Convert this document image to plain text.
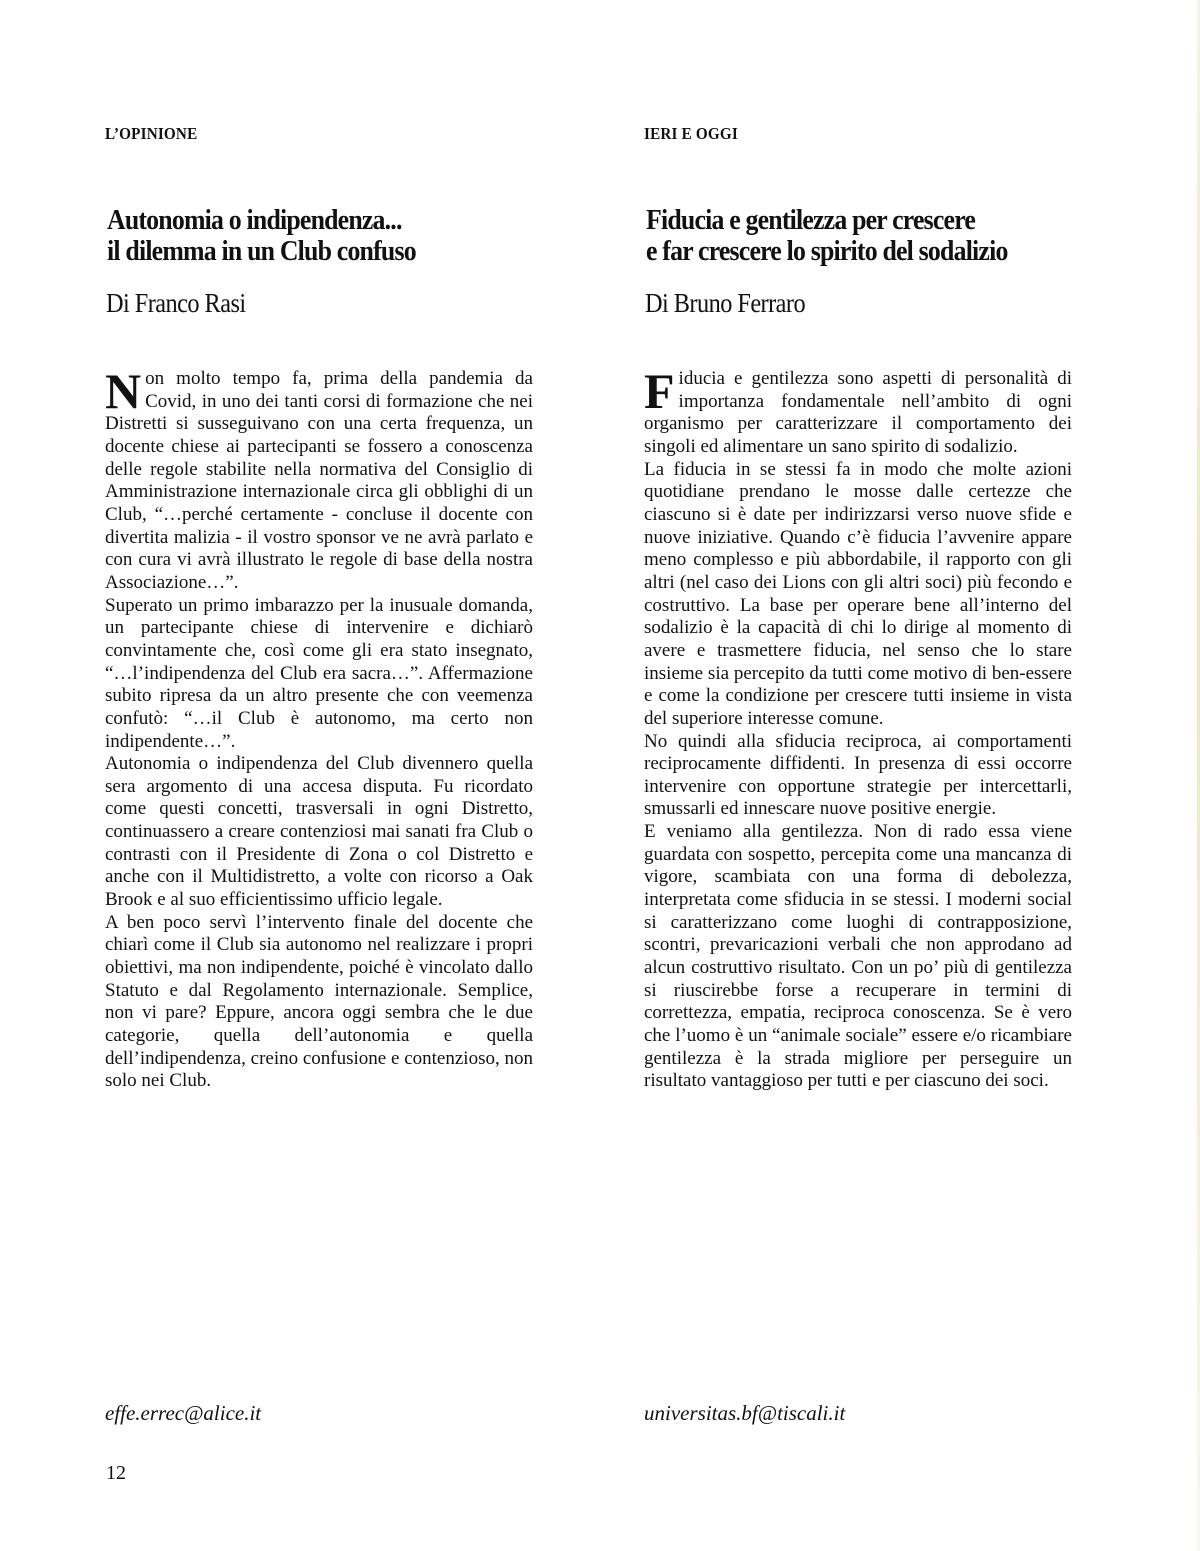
L’OPINIONE
Autonomia o indipendenza...
il dilemma in un Club confuso
Di Franco Rasi

Non molto tempo fa, prima della pandemia da Covid, in uno dei tanti corsi di formazione che nei Distretti si susseguivano con una certa frequenza, un docente chiese ai partecipanti se fossero a conoscenza delle regole stabilite nella normativa del Consiglio di Amministrazione internazionale circa gli obblighi di un Club, “…perché certamente - concluse il docente con divertita malizia - il vostro sponsor ve ne avrà parlato e con cura vi avrà illustrato le regole di base della nostra Associazione…”.

Superato un primo imbarazzo per la inusuale domanda, un partecipante chiese di intervenire e dichiarò convintamente che, così come gli era stato insegnato, “…l’indipendenza del Club era sacra…”. Affermazione subito ripresa da un altro presente che con veemenza confutò: “…il Club è autonomo, ma certo non indipendente…”.

Autonomia o indipendenza del Club divennero quella sera argomento di una accesa disputa. Fu ricordato come questi concetti, trasversali in ogni Distretto, continuassero a creare contenziosi mai sanati fra Club o contrasti con il Presidente di Zona o col Distretto e anche con il Multidistretto, a volte con ricorso a Oak Brook e al suo efficientissimo ufficio legale.

A ben poco servì l’intervento finale del docente che chiarì come il Club sia autonomo nel realizzare i propri obiettivi, ma non indipendente, poiché è vincolato dallo Statuto e dal Regolamento internazionale. Semplice, non vi pare? Eppure, ancora oggi sembra che le due categorie, quella dell’autonomia e quella dell’indipendenza, creino confusione e contenzioso, non solo nei Club.

effe.errec@alice.it
IERI E OGGI
Fiducia e gentilezza per crescere
e far crescere lo spirito del sodalizio
Di Bruno Ferraro

Fiducia e gentilezza sono aspetti di personalità di importanza fondamentale nell’ambito di ogni organismo per caratterizzare il comportamento dei singoli ed alimentare un sano spirito di sodalizio.

La fiducia in se stessi fa in modo che molte azioni quotidiane prendano le mosse dalle certezze che ciascuno si è date per indirizzarsi verso nuove sfide e nuove iniziative. Quando c’è fiducia l’avvenire appare meno complesso e più abbordabile, il rapporto con gli altri (nel caso dei Lions con gli altri soci) più fecondo e costruttivo. La base per operare bene all’interno del sodalizio è la capacità di chi lo dirige al momento di avere e trasmettere fiducia, nel senso che lo stare insieme sia percepito da tutti come motivo di ben-essere e come la condizione per crescere tutti insieme in vista del superiore interesse comune.

No quindi alla sfiducia reciproca, ai comportamenti reciprocamente diffidenti. In presenza di essi occorre intervenire con opportune strategie per intercettarli, smussarli ed innescare nuove positive energie.

E veniamo alla gentilezza. Non di rado essa viene guardata con sospetto, percepita come una mancanza di vigore, scambiata con una forma di debolezza, interpretata come sfiducia in se stessi. I moderni social si caratterizzano come luoghi di contrapposizione, scontri, prevaricazioni verbali che non approdano ad alcun costruttivo risultato. Con un po’ più di gentilezza si riuscirebbe forse a recuperare in termini di correttezza, empatia, reciproca conoscenza. Se è vero che l’uomo è un “animale sociale” essere e/o ricambiare gentilezza è la strada migliore per perseguire un risultato vantaggioso per tutti e per ciascuno dei soci.

universitas.bf@tiscali.it
12
